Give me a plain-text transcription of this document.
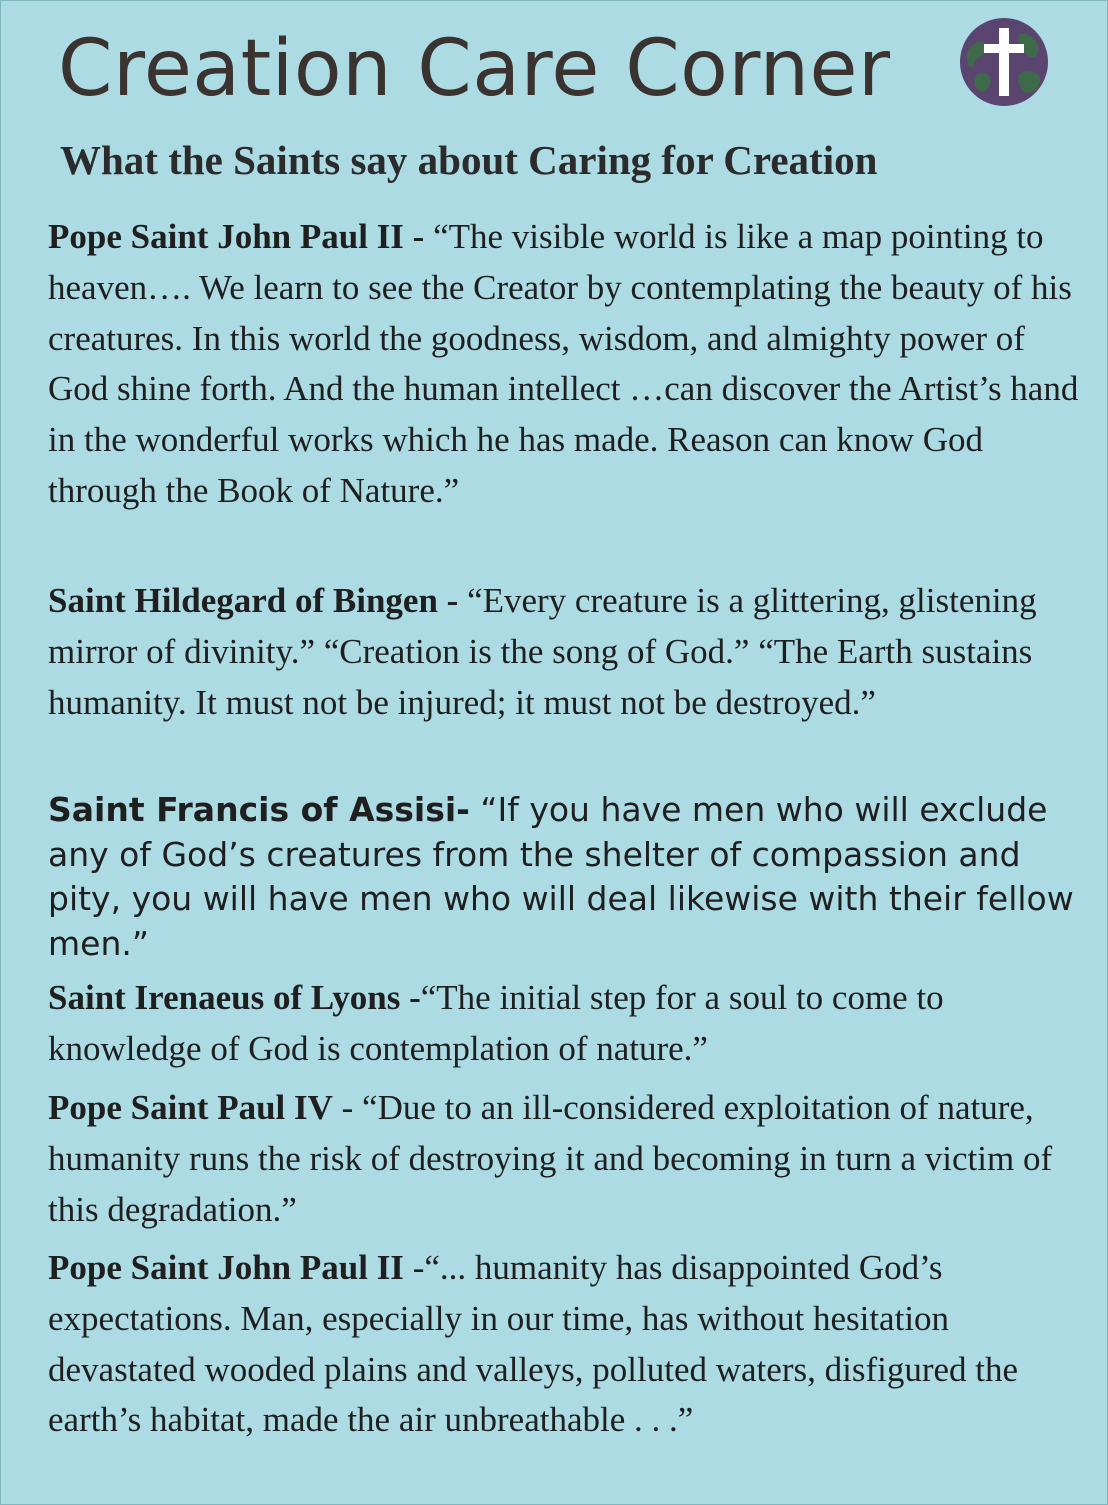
Creation Care Corner
What the Saints say about Caring for Creation

Pope Saint John Paul II - “The visible world is like a map pointing to heaven…. We learn to see the Creator by contemplating the beauty of his creatures. In this world the goodness, wisdom, and almighty power of God shine forth. And the human intellect …can discover the Artist’s hand in the wonderful works which he has made. Reason can know God through the Book of Nature.”

Saint Hildegard of Bingen - “Every creature is a glittering, glistening mirror of divinity.” “Creation is the song of God.” “The Earth sustains humanity. It must not be injured; it must not be destroyed.”

Saint Francis of Assisi- “If you have men who will exclude any of God’s creatures from the shelter of compassion and pity, you will have men who will deal likewise with their fellow men.”

Saint Irenaeus of Lyons -“The initial step for a soul to come to knowledge of God is contemplation of nature.”

Pope Saint Paul IV - “Due to an ill-considered exploitation of nature, humanity runs the risk of destroying it and becoming in turn a victim of this degradation.”

Pope Saint John Paul II -“... humanity has disappointed God’s expectations. Man, especially in our time, has without hesitation devastated wooded plains and valleys, polluted waters, disfigured the earth’s habitat, made the air unbreathable . . .”
